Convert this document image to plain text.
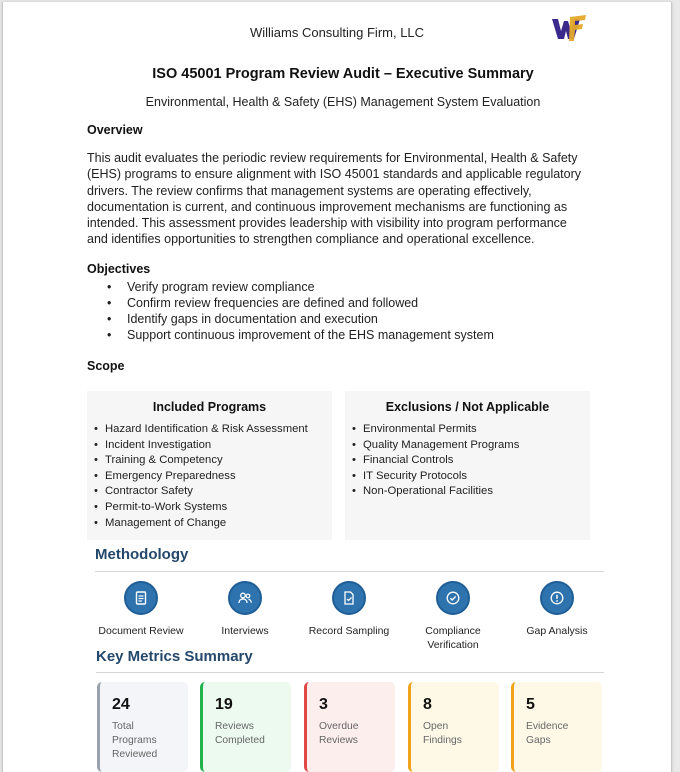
Williams Consulting Firm, LLC
ISO 45001 Program Review Audit – Executive Summary
Environmental, Health & Safety (EHS) Management System Evaluation
Overview
This audit evaluates the periodic review requirements for Environmental, Health & Safety
(EHS) programs to ensure alignment with ISO 45001 standards and applicable regulatory
drivers. The review confirms that management systems are operating effectively,
documentation is current, and continuous improvement mechanisms are functioning as
intended. This assessment provides leadership with visibility into program performance
and identifies opportunities to strengthen compliance and operational excellence.
Objectives
• Verify program review compliance
• Confirm review frequencies are defined and followed
• Identify gaps in documentation and execution
• Support continuous improvement of the EHS management system
Scope
Included Programs
• Hazard Identification & Risk Assessment
• Incident Investigation
• Training & Competency
• Emergency Preparedness
• Contractor Safety
• Permit-to-Work Systems
• Management of Change
Exclusions / Not Applicable
• Environmental Permits
• Quality Management Programs
• Financial Controls
• IT Security Protocols
• Non-Operational Facilities
Methodology
Document Review	Interviews	Record Sampling	Compliance
Verification
Gap Analysis
Key Metrics Summary
24
Total
Programs
Reviewed
19
Reviews
Completed
3
Overdue
Reviews
8
Open
Findings
5
Evidence
Gaps
